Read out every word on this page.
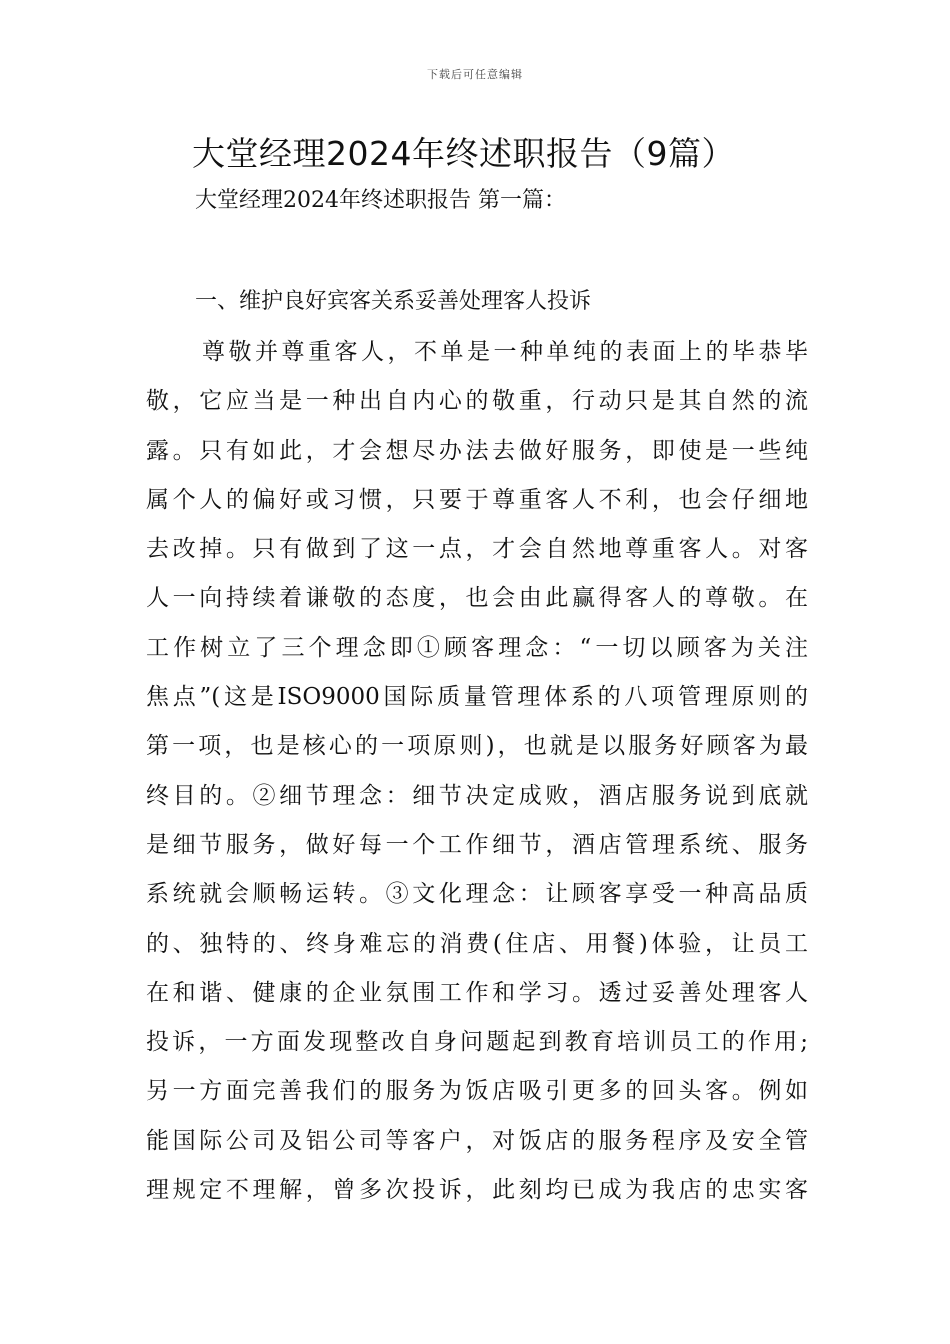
下载后可任意编辑
大堂经理2024年终述职报告（9篇）

大堂经理2024年终述职报告 第一篇：

一、维护良好宾客关系妥善处理客人投诉

尊敬并尊重客人，不单是一种单纯的表面上的毕恭毕
敬，它应当是一种出自内心的敬重，行动只是其自然的流
露。只有如此，才会想尽办法去做好服务，即使是一些纯
属个人的偏好或习惯，只要于尊重客人不利，也会仔细地
去改掉。只有做到了这一点，才会自然地尊重客人。对客
人一向持续着谦敬的态度，也会由此赢得客人的尊敬。在
工作树立了三个理念即①顾客理念：“一切以顾客为关注
焦点”(这是ISO9000国际质量管理体系的八项管理原则的
第一项，也是核心的一项原则)，也就是以服务好顾客为最
终目的。②细节理念：细节决定成败，酒店服务说到底就
是细节服务，做好每一个工作细节，酒店管理系统、服务
系统就会顺畅运转。③文化理念：让顾客享受一种高品质
的、独特的、终身难忘的消费(住店、用餐)体验，让员工
在和谐、健康的企业氛围工作和学习。透过妥善处理客人
投诉，一方面发现整改自身问题起到教育培训员工的作用;
另一方面完善我们的服务为饭店吸引更多的回头客。例如
能国际公司及铝公司等客户，对饭店的服务程序及安全管
理规定不理解，曾多次投诉，此刻均已成为我店的忠实客
